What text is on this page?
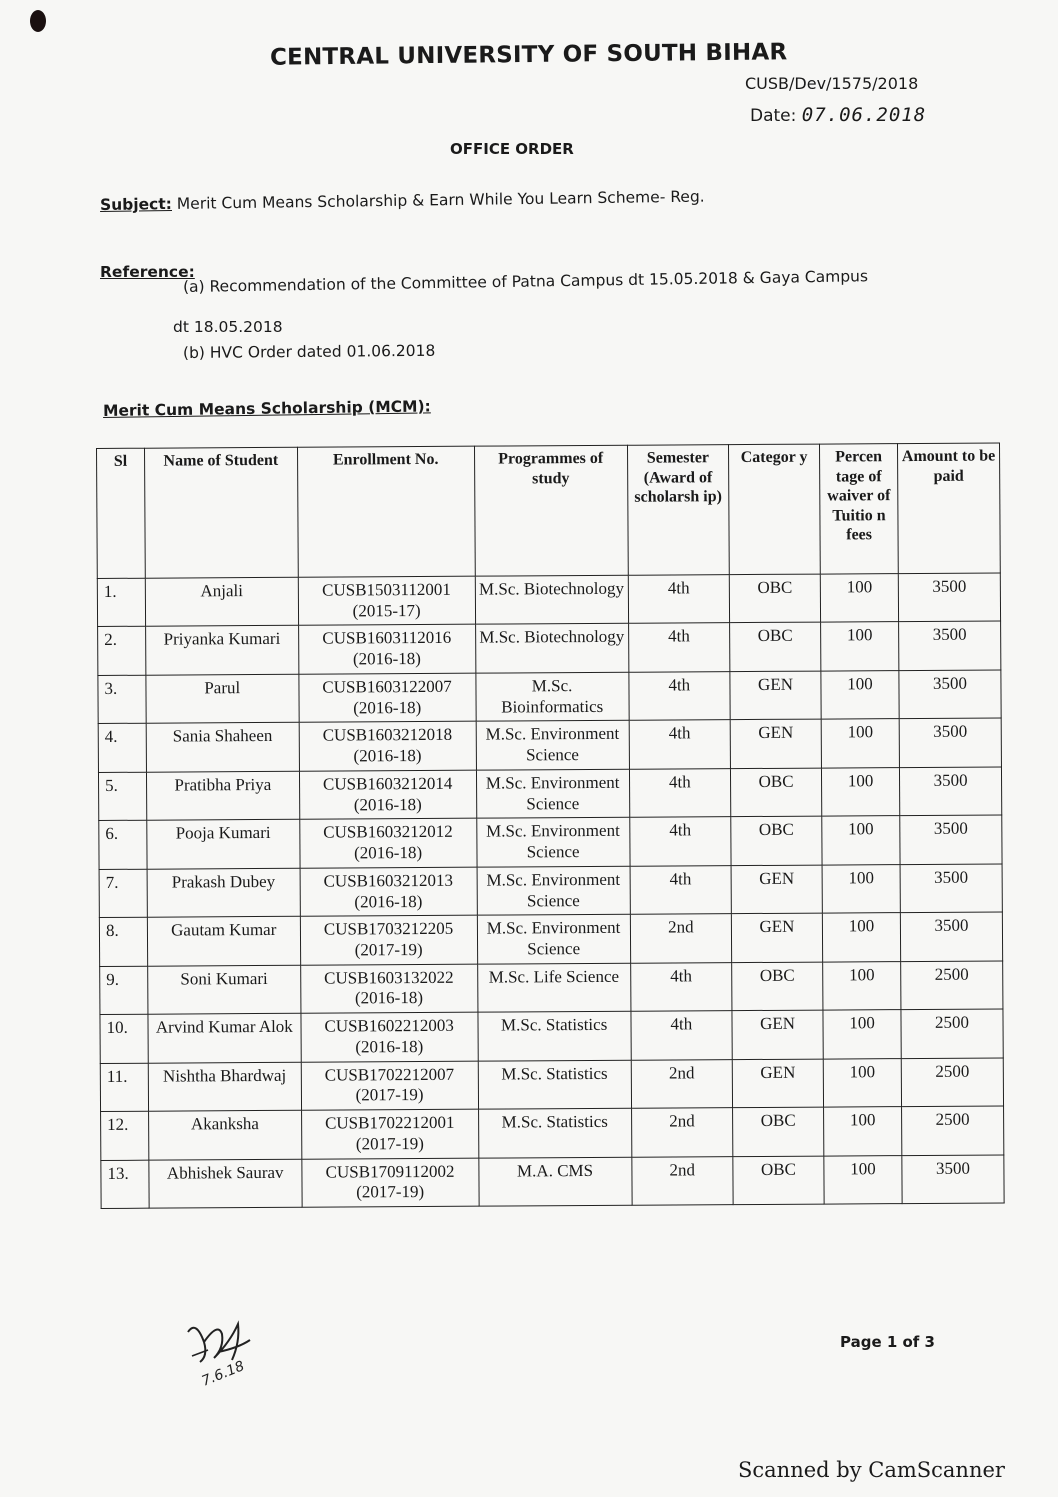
CENTRAL UNIVERSITY OF SOUTH BIHAR
CUSB/Dev/1575/2018
Date: 07.06.2018
OFFICE ORDER
Subject: Merit Cum Means Scholarship & Earn While You Learn Scheme- Reg.
Reference:
(a) Recommendation of the Committee of Patna Campus dt 15.05.2018 & Gaya Campus
dt 18.05.2018
(b) HVC Order dated 01.06.2018
Merit Cum Means Scholarship (MCM):
Sl	Name of Student	Enrollment No.	Programmes of study	Semester (Award of scholarsh ip)	Categor y	Percen tage of waiver of Tuitio n fees	Amount to be paid
1.	Anjali	CUSB1503112001 (2015-17)	M.Sc. Biotechnology	4th	OBC	100	3500
2.	Priyanka Kumari	CUSB1603112016 (2016-18)	M.Sc. Biotechnology	4th	OBC	100	3500
3.	Parul	CUSB1603122007 (2016-18)	M.Sc. Bioinformatics	4th	GEN	100	3500
4.	Sania Shaheen	CUSB1603212018 (2016-18)	M.Sc. Environment Science	4th	GEN	100	3500
5.	Pratibha Priya	CUSB1603212014 (2016-18)	M.Sc. Environment Science	4th	OBC	100	3500
6.	Pooja Kumari	CUSB1603212012 (2016-18)	M.Sc. Environment Science	4th	OBC	100	3500
7.	Prakash Dubey	CUSB1603212013 (2016-18)	M.Sc. Environment Science	4th	GEN	100	3500
8.	Gautam Kumar	CUSB1703212205 (2017-19)	M.Sc. Environment Science	2nd	GEN	100	3500
9.	Soni Kumari	CUSB1603132022 (2016-18)	M.Sc. Life Science	4th	OBC	100	2500
10.	Arvind Kumar Alok	CUSB1602212003 (2016-18)	M.Sc. Statistics	4th	GEN	100	2500
11.	Nishtha Bhardwaj	CUSB1702212007 (2017-19)	M.Sc. Statistics	2nd	GEN	100	2500
12.	Akanksha	CUSB1702212001 (2017-19)	M.Sc. Statistics	2nd	OBC	100	2500
13.	Abhishek Saurav	CUSB1709112002 (2017-19)	M.A. CMS	2nd	OBC	100	3500
7.6.18
Page 1 of 3
Scanned by CamScanner
